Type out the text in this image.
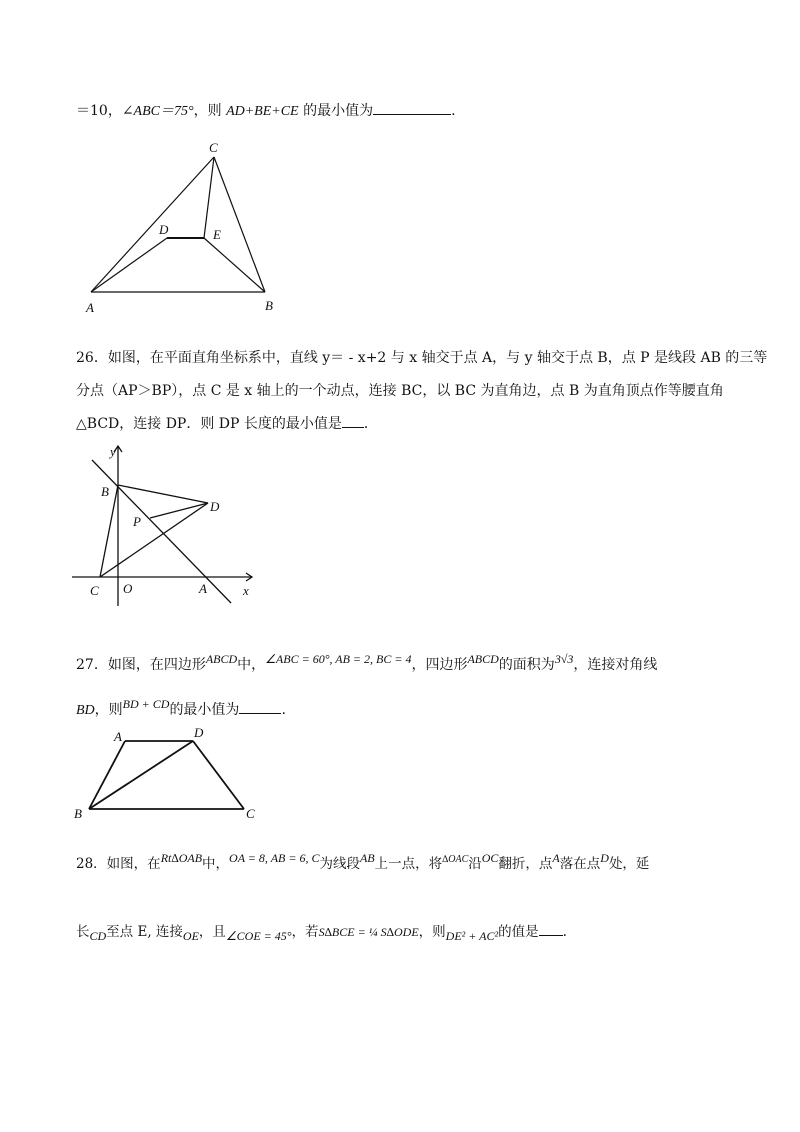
＝10，∠ABC＝75°，则 AD+BE+CE 的最小值为	.
C
D	E
A	B
26．如图，在平面直角坐标系中，直线 y＝ - x+2 与 x 轴交于点 A，与 y 轴交于点 B，点 P 是线段 AB 的三等
分点（AP＞BP），点 C 是 x 轴上的一个动点，连接 BC，以 BC 为直角边，点 B 为直角顶点作等腰直角
△BCD，连接 DP．则 DP 长度的最小值是 ．
y
B
D
P
C O	A	x
27．如图，在四边形ABCD中，∠ABC = 60°, AB = 2, BC = 4，四边形ABCD的面积为3√3，连接对角线
BD，则BD + CD的最小值为	.
A	D
B	C
28．如图，在Rt∆OAB中，OA = 8, AB = 6, C为线段AB上一点，将$^{\Delta OAC}$沿OC翻折，点A落在点D处，延
长CD至点 E, 连接OE，且∠COE = 45°，若S∆BCE = ¼ S∆ODE，则DE² + AC²的值是 .
